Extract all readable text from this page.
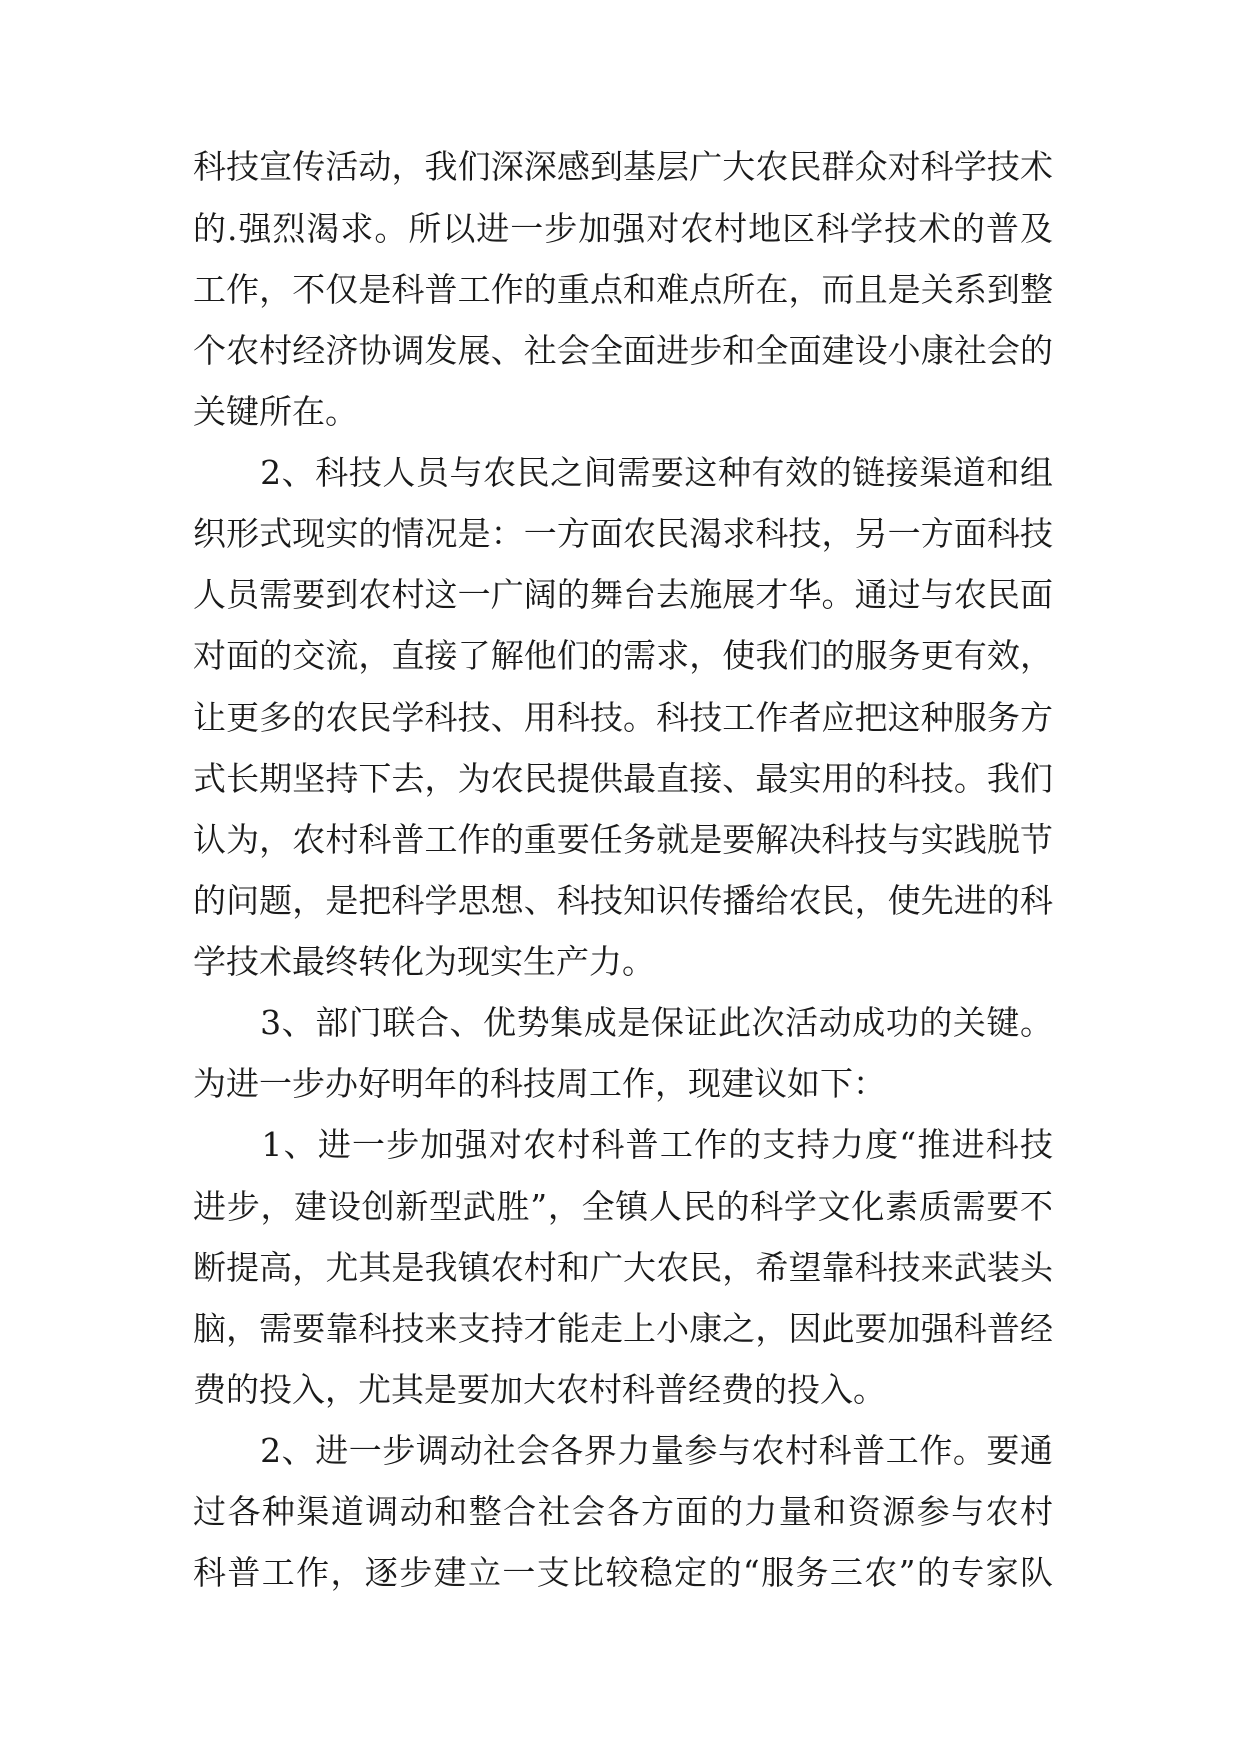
科技宣传活动，我们深深感到基层广大农民群众对科学技术
的.强烈渴求。所以进一步加强对农村地区科学技术的普及
工作，不仅是科普工作的重点和难点所在，而且是关系到整
个农村经济协调发展、社会全面进步和全面建设小康社会的
关键所在。
　　2、科技人员与农民之间需要这种有效的链接渠道和组
织形式现实的情况是：一方面农民渴求科技，另一方面科技
人员需要到农村这一广阔的舞台去施展才华。通过与农民面
对面的交流，直接了解他们的需求，使我们的服务更有效，
让更多的农民学科技、用科技。科技工作者应把这种服务方
式长期坚持下去，为农民提供最直接、最实用的科技。我们
认为，农村科普工作的重要任务就是要解决科技与实践脱节
的问题，是把科学思想、科技知识传播给农民，使先进的科
学技术最终转化为现实生产力。
　　3、部门联合、优势集成是保证此次活动成功的关键。
为进一步办好明年的科技周工作，现建议如下：
　　1、进一步加强对农村科普工作的支持力度“推进科技
进步，建设创新型武胜”，全镇人民的科学文化素质需要不
断提高，尤其是我镇农村和广大农民，希望靠科技来武装头
脑，需要靠科技来支持才能走上小康之，因此要加强科普经
费的投入，尤其是要加大农村科普经费的投入。
　　2、进一步调动社会各界力量参与农村科普工作。要通
过各种渠道调动和整合社会各方面的力量和资源参与农村
科普工作，逐步建立一支比较稳定的“服务三农”的专家队
